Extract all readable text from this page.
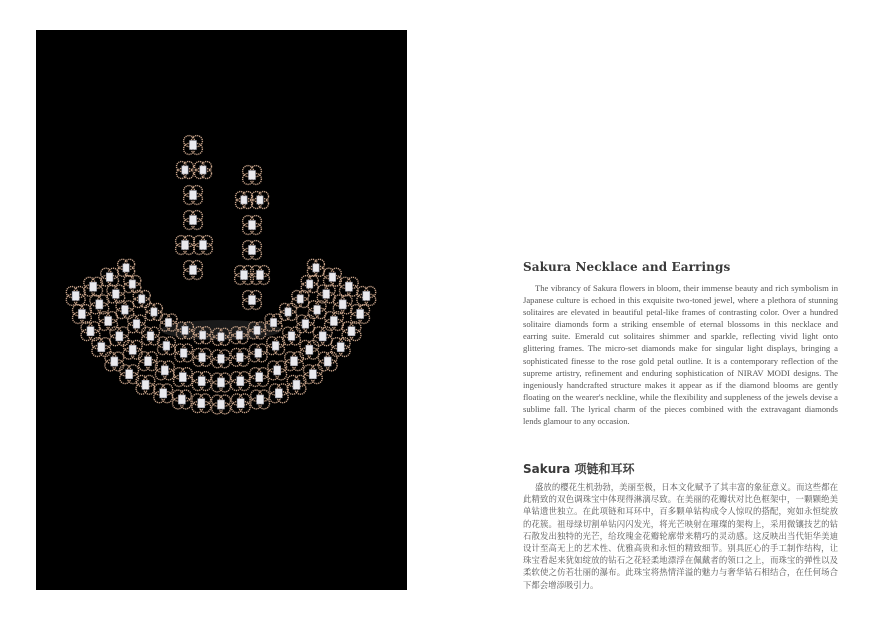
Sakura Necklace and Earrings

The vibrancy of Sakura flowers in bloom, their immense beauty and rich symbolism in Japanese culture is echoed in this exquisite two-toned jewel, where a plethora of stunning solitaires are elevated in beautiful petal-like frames of contrasting color. Over a hundred solitaire diamonds form a striking ensemble of eternal blossoms in this necklace and earring suite. Emerald cut solitaires shimmer and sparkle, reflecting vivid light onto glittering frames. The micro-set diamonds make for singular light displays, bringing a sophisticated finesse to the rose gold petal outline. It is a contemporary reflection of the supreme artistry, refinement and enduring sophistication of NIRAV MODI designs. The ingeniously handcrafted structure makes it appear as if the diamond blooms are gently floating on the wearer's neckline, while the flexibility and suppleness of the jewels devise a sublime fall. The lyrical charm of the pieces combined with the extravagant diamonds lends glamour to any occasion.

Sakura 项链和耳环

盛放的樱花生机勃勃，美丽至极，日本文化赋予了其丰富的象征意义。而这些都在此精致的双色调珠宝中体现得淋漓尽致。在美丽的花瓣状对比色框架中，一颗颗绝美单钻遗世独立。在此项链和耳环中，百多颗单钻构成令人惊叹的搭配，宛如永恒绽放的花簇。祖母绿切割单钻闪闪发光，将光芒映射在璀璨的架构上，采用微镶技艺的钻石散发出独特的光芒，给玫瑰金花瓣轮廓带来精巧的灵动感。这反映出当代钜华美迪设计至高无上的艺术性、优雅高贵和永恒的精致细节。别具匠心的手工制作结构，让珠宝看起来犹如绽放的钻石之花轻柔地漂浮在佩戴者的领口之上，而珠宝的弹性以及柔软使之仿若壮丽的瀑布。此珠宝将热情洋溢的魅力与奢华钻石相结合，在任何场合下都会增添吸引力。
